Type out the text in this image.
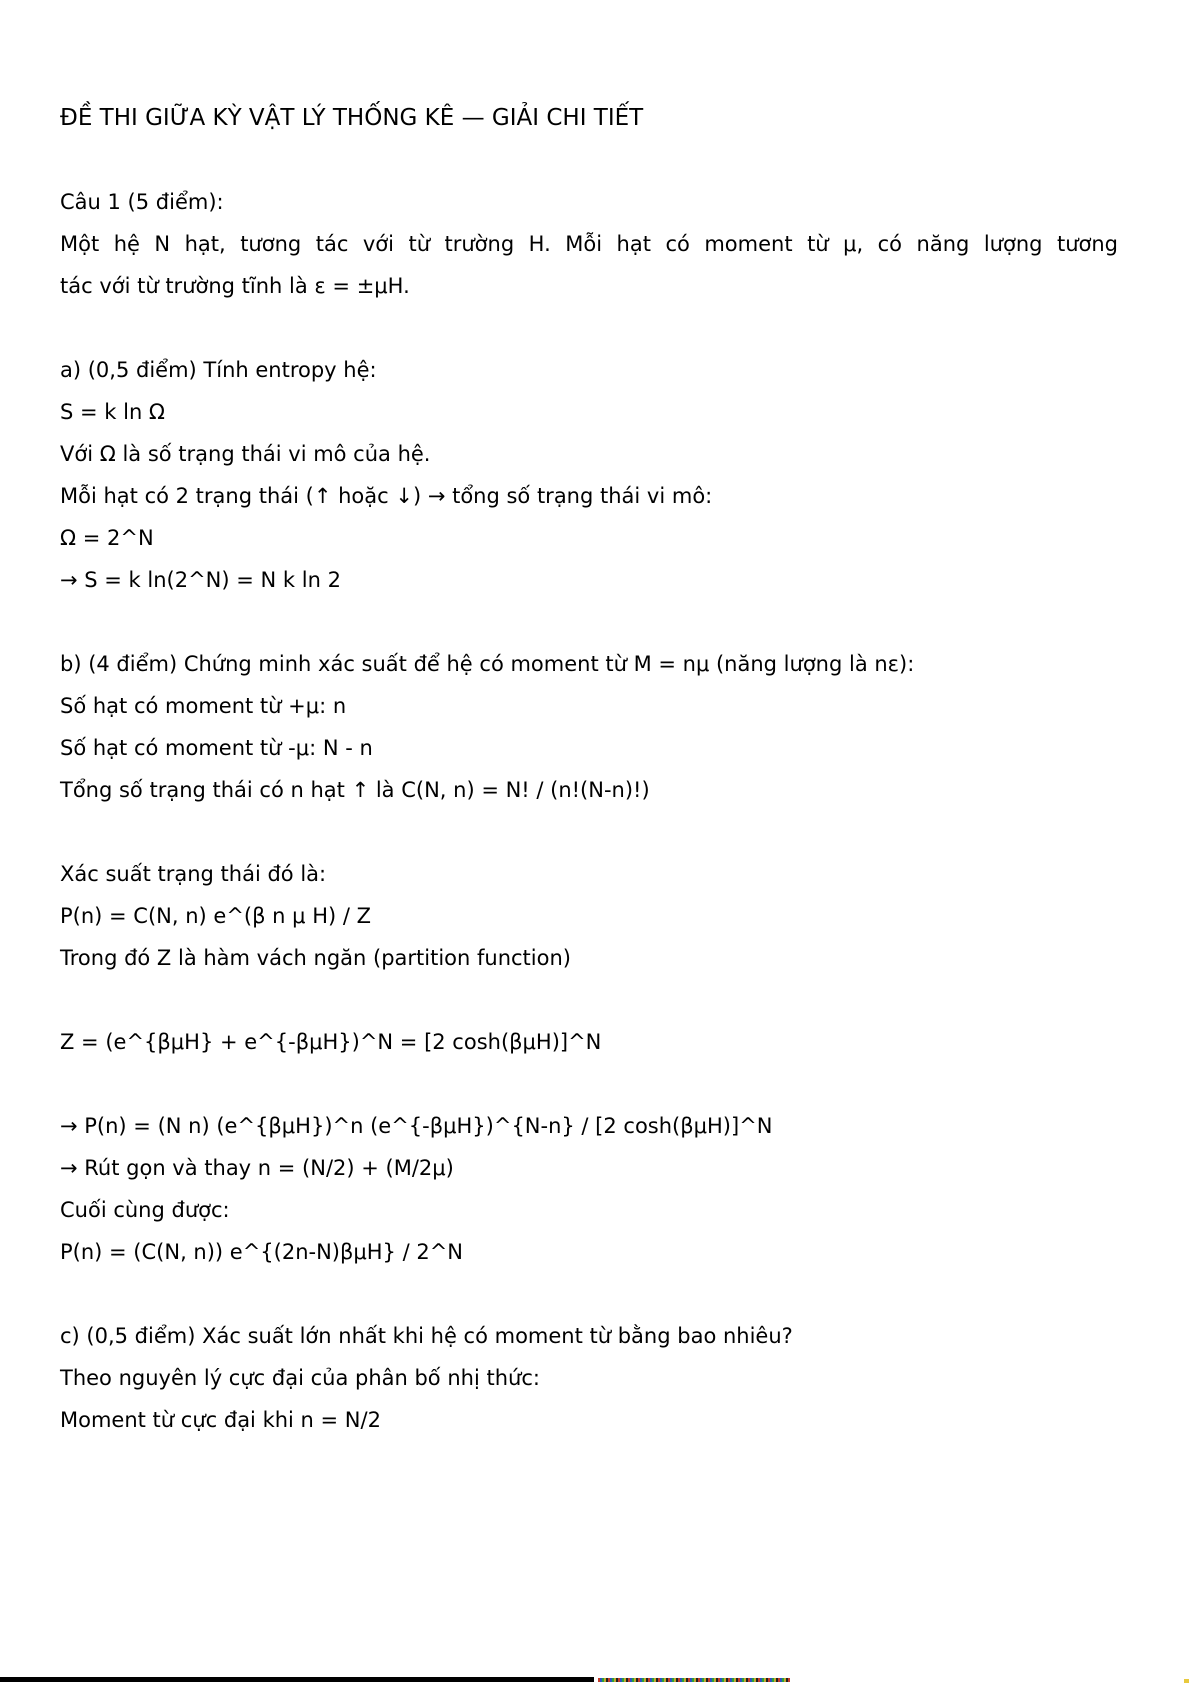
ĐỀ THI GIỮA KỲ VẬT LÝ THỐNG KÊ — GIẢI CHI TIẾT
Câu 1 (5 điểm):
Một hệ N hạt, tương tác với từ trường H. Mỗi hạt có moment từ μ, có năng lượng tương
tác với từ trường tĩnh là ε = ±μH.
a) (0,5 điểm) Tính entropy hệ:
S = k ln Ω
Với Ω là số trạng thái vi mô của hệ.
Mỗi hạt có 2 trạng thái (↑ hoặc ↓) → tổng số trạng thái vi mô:
Ω = 2^N
→ S = k ln(2^N) = N k ln 2
b) (4 điểm) Chứng minh xác suất để hệ có moment từ M = nμ (năng lượng là nε):
Số hạt có moment từ +μ: n
Số hạt có moment từ -μ: N - n
Tổng số trạng thái có n hạt ↑ là C(N, n) = N! / (n!(N-n)!)
Xác suất trạng thái đó là:
P(n) = C(N, n) e^(β n μ H) / Z
Trong đó Z là hàm vách ngăn (partition function)
Z = (e^{βμH} + e^{-βμH})^N = [2 cosh(βμH)]^N
→ P(n) = (N n) (e^{βμH})^n (e^{-βμH})^{N-n} / [2 cosh(βμH)]^N
→ Rút gọn và thay n = (N/2) + (M/2μ)
Cuối cùng được:
P(n) = (C(N, n)) e^{(2n-N)βμH} / 2^N
c) (0,5 điểm) Xác suất lớn nhất khi hệ có moment từ bằng bao nhiêu?
Theo nguyên lý cực đại của phân bố nhị thức:
Moment từ cực đại khi n = N/2
